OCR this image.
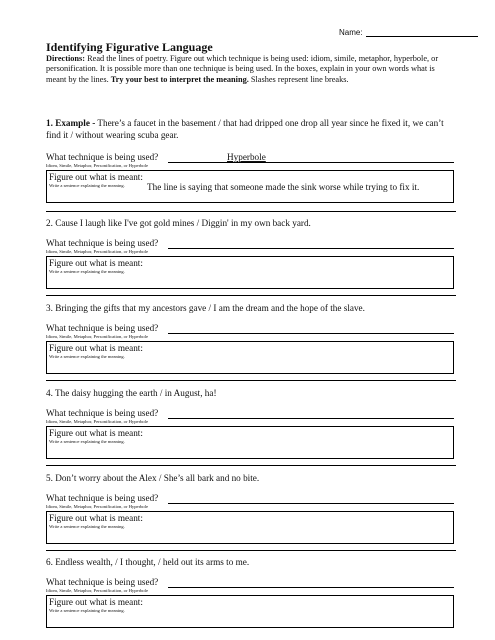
Name:
Identifying Figurative Language
Directions: Read the lines of poetry. Figure out which technique is being used: idiom, simile, metaphor, hyperbole, or personification. It is possible more than one technique is being used. In the boxes, explain in your own words what is meant by the lines. Try your best to interpret the meaning. Slashes represent line breaks.
1. Example - There’s a faucet in the basement / that had dripped one drop all year since he fixed it, we can’t find it / without wearing scuba gear.
What technique is being used?	Hyperbole
Idiom, Simile, Metaphor, Personification, or Hyperbole
Figure out what is meant:
Write a sentence explaining the meaning. The line is saying that someone made the sink worse while trying to fix it.
2. Cause I laugh like I've got gold mines / Diggin' in my own back yard.
What technique is being used?
Idiom, Simile, Metaphor, Personification, or Hyperbole
Figure out what is meant:
Write a sentence explaining the meaning.
3. Bringing the gifts that my ancestors gave / I am the dream and the hope of the slave.
What technique is being used?
Idiom, Simile, Metaphor, Personification, or Hyperbole
Figure out what is meant:
Write a sentence explaining the meaning.
4. The daisy hugging the earth / in August, ha!
What technique is being used?
Idiom, Simile, Metaphor, Personification, or Hyperbole
Figure out what is meant:
Write a sentence explaining the meaning.
5. Don’t worry about the Alex / She’s all bark and no bite.
What technique is being used?
Idiom, Simile, Metaphor, Personification, or Hyperbole
Figure out what is meant:
Write a sentence explaining the meaning.
6. Endless wealth, / I thought, / held out its arms to me.
What technique is being used?
Idiom, Simile, Metaphor, Personification, or Hyperbole
Figure out what is meant:
Write a sentence explaining the meaning.
